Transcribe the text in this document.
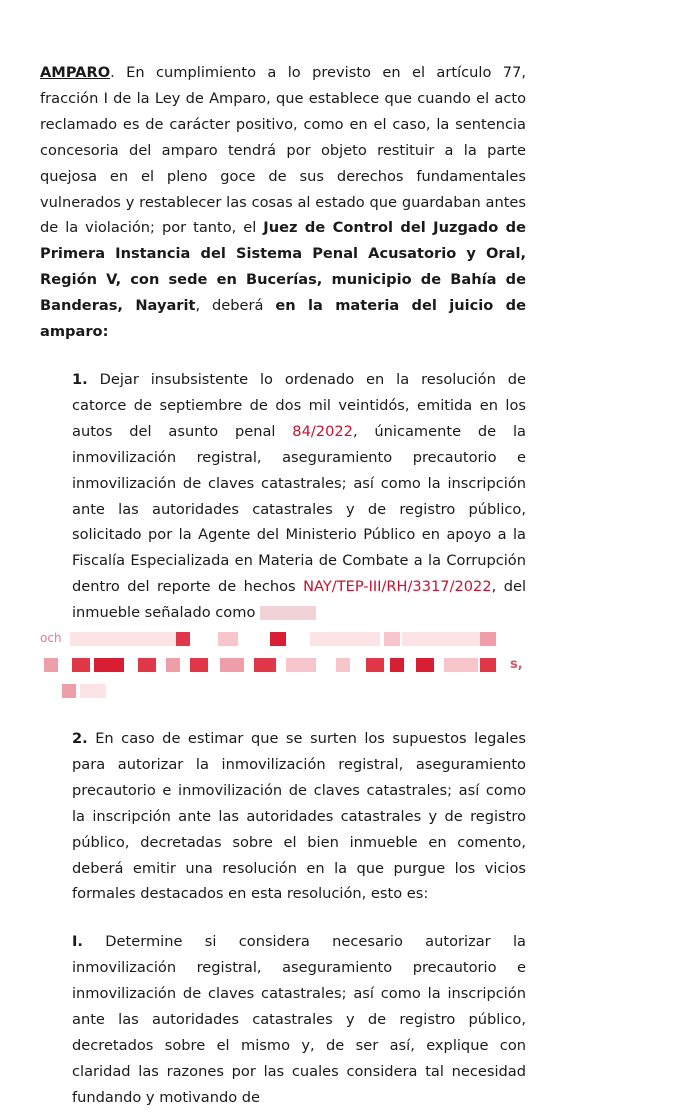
AMPARO. En cumplimiento a lo previsto en el artículo 77, fracción I de la Ley de Amparo, que establece que cuando el acto reclamado es de carácter positivo, como en el caso, la sentencia concesoria del amparo tendrá por objeto restituir a la parte quejosa en el pleno goce de sus derechos fundamentales vulnerados y restablecer las cosas al estado que guardaban antes de la violación; por tanto, el Juez de Control del Juzgado de Primera Instancia del Sistema Penal Acusatorio y Oral, Región V, con sede en Bucerías, municipio de Bahía de Banderas, Nayarit, deberá en la materia del juicio de amparo:

1. Dejar insubsistente lo ordenado en la resolución de catorce de septiembre de dos mil veintidós, emitida en los autos del asunto penal 84/2022, únicamente de la inmovilización registral, aseguramiento precautorio e inmovilización de claves catastrales; así como la inscripción ante las autoridades catastrales y de registro público, solicitado por la Agente del Ministerio Público en apoyo a la Fiscalía Especializada en Materia de Combate a la Corrupción dentro del reporte de hechos NAY/TEP-III/RH/3317/2022, del inmueble señalado como

och
s,

2. En caso de estimar que se surten los supuestos legales para autorizar la inmovilización registral, aseguramiento precautorio e inmovilización de claves catastrales; así como la inscripción ante las autoridades catastrales y de registro público, decretadas sobre el bien inmueble en comento, deberá emitir una resolución en la que purgue los vicios formales destacados en esta resolución, esto es:

I. Determine si considera necesario autorizar la inmovilización registral, aseguramiento precautorio e inmovilización de claves catastrales; así como la inscripción ante las autoridades catastrales y de registro público, decretados sobre el mismo y, de ser así, explique con claridad las razones por las cuales considera tal necesidad fundando y motivando de
